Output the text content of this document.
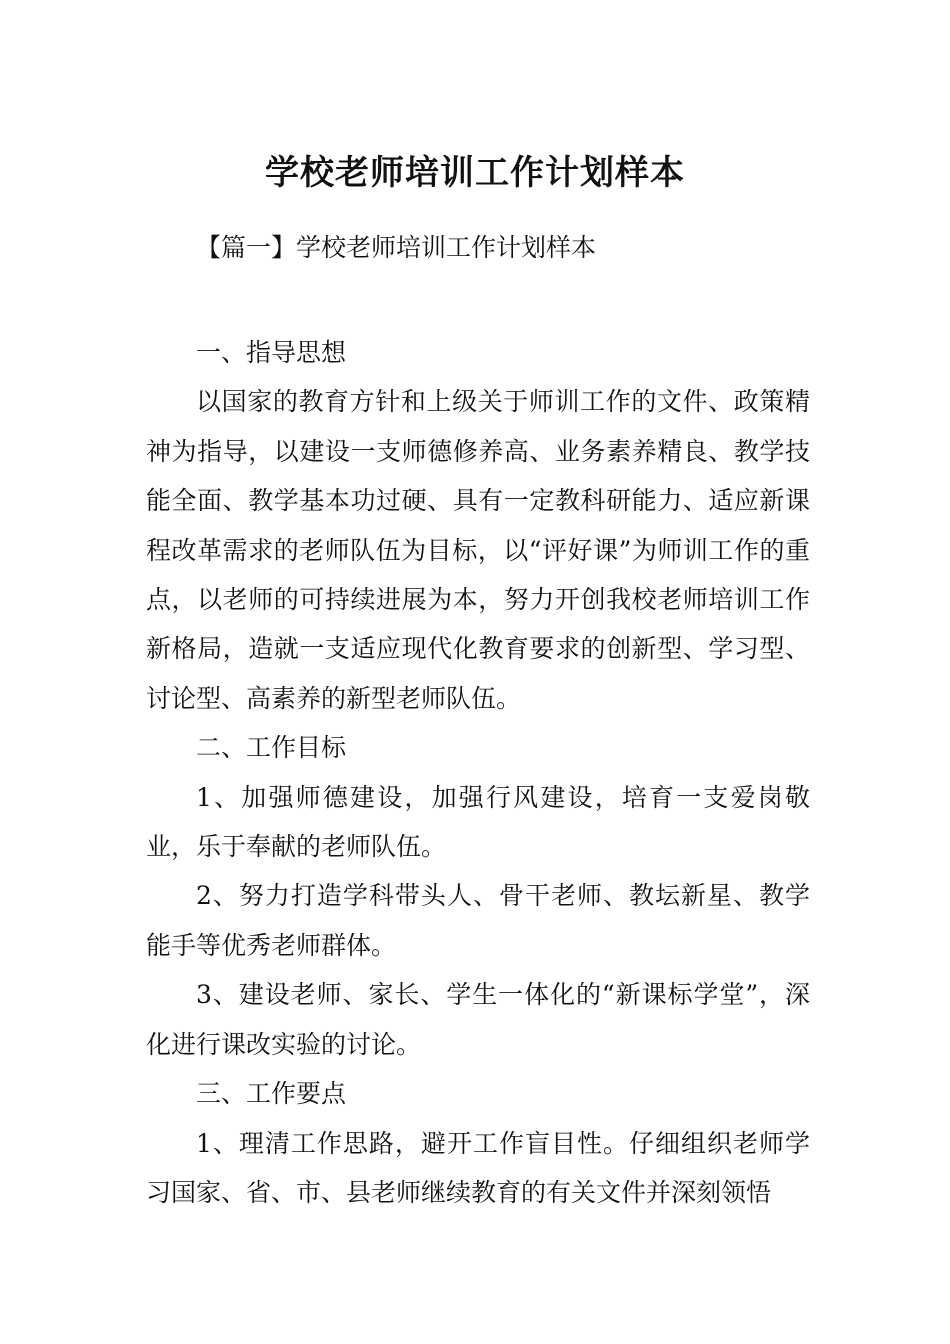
学校老师培训工作计划样本
【篇一】学校老师培训工作计划样本

一、指导思想

以国家的教育方针和上级关于师训工作的文件、政策精神为指导，以建设一支师德修养高、业务素养精良、教学技能全面、教学基本功过硬、具有一定教科研能力、适应新课程改革需求的老师队伍为目标，以“评好课”为师训工作的重点，以老师的可持续进展为本，努力开创我校老师培训工作新格局，造就一支适应现代化教育要求的创新型、学习型、讨论型、高素养的新型老师队伍。

二、工作目标

1、加强师德建设，加强行风建设，培育一支爱岗敬业，乐于奉献的老师队伍。

2、努力打造学科带头人、骨干老师、教坛新星、教学能手等优秀老师群体。

3、建设老师、家长、学生一体化的“新课标学堂”，深化进行课改实验的讨论。

三、工作要点

1、理清工作思路，避开工作盲目性。仔细组织老师学习国家、省、市、县老师继续教育的有关文件并深刻领悟
